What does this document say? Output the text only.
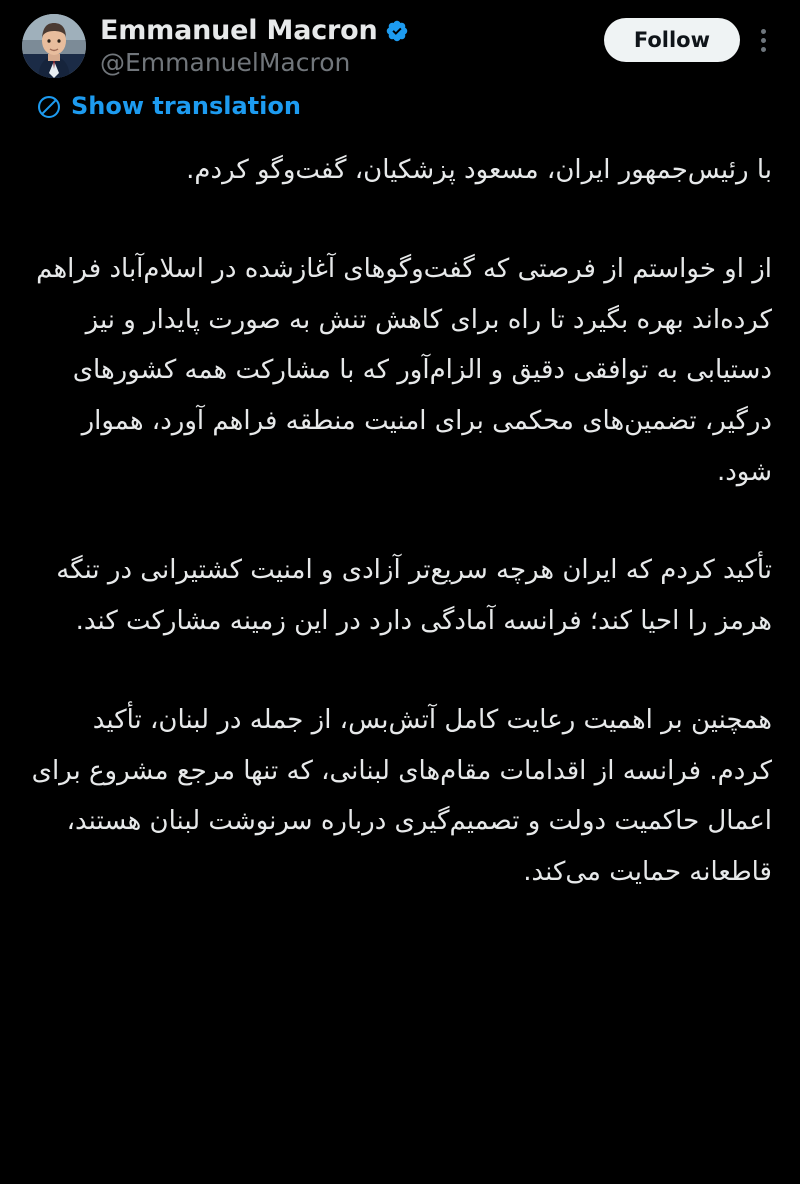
Emmanuel Macron
@EmmanuelMacron
Follow
Show translation

با رئیس‌جمهور ایران، مسعود پزشکیان، گفت‌وگو کردم.

از او خواستم از فرصتی که گفت‌وگوهای آغازشده در اسلام‌آباد فراهم کرده‌اند بهره بگیرد تا راه برای کاهش تنش به صورت پایدار و نیز دستیابی به توافقی دقیق و الزام‌آور که با مشارکت همه کشورهای درگیر، تضمین‌های محکمی برای امنیت منطقه فراهم آورد، هموار شود.

تأکید کردم که ایران هرچه سریع‌تر آزادی و امنیت کشتیرانی در تنگه هرمز را احیا کند؛ فرانسه آمادگی دارد در این زمینه مشارکت کند.

همچنین بر اهمیت رعایت کامل آتش‌بس، از جمله در لبنان، تأکید کردم. فرانسه از اقدامات مقام‌های لبنانی، که تنها مرجع مشروع برای اعمال حاکمیت دولت و تصمیم‌گیری درباره سرنوشت لبنان هستند، قاطعانه حمایت می‌کند.
